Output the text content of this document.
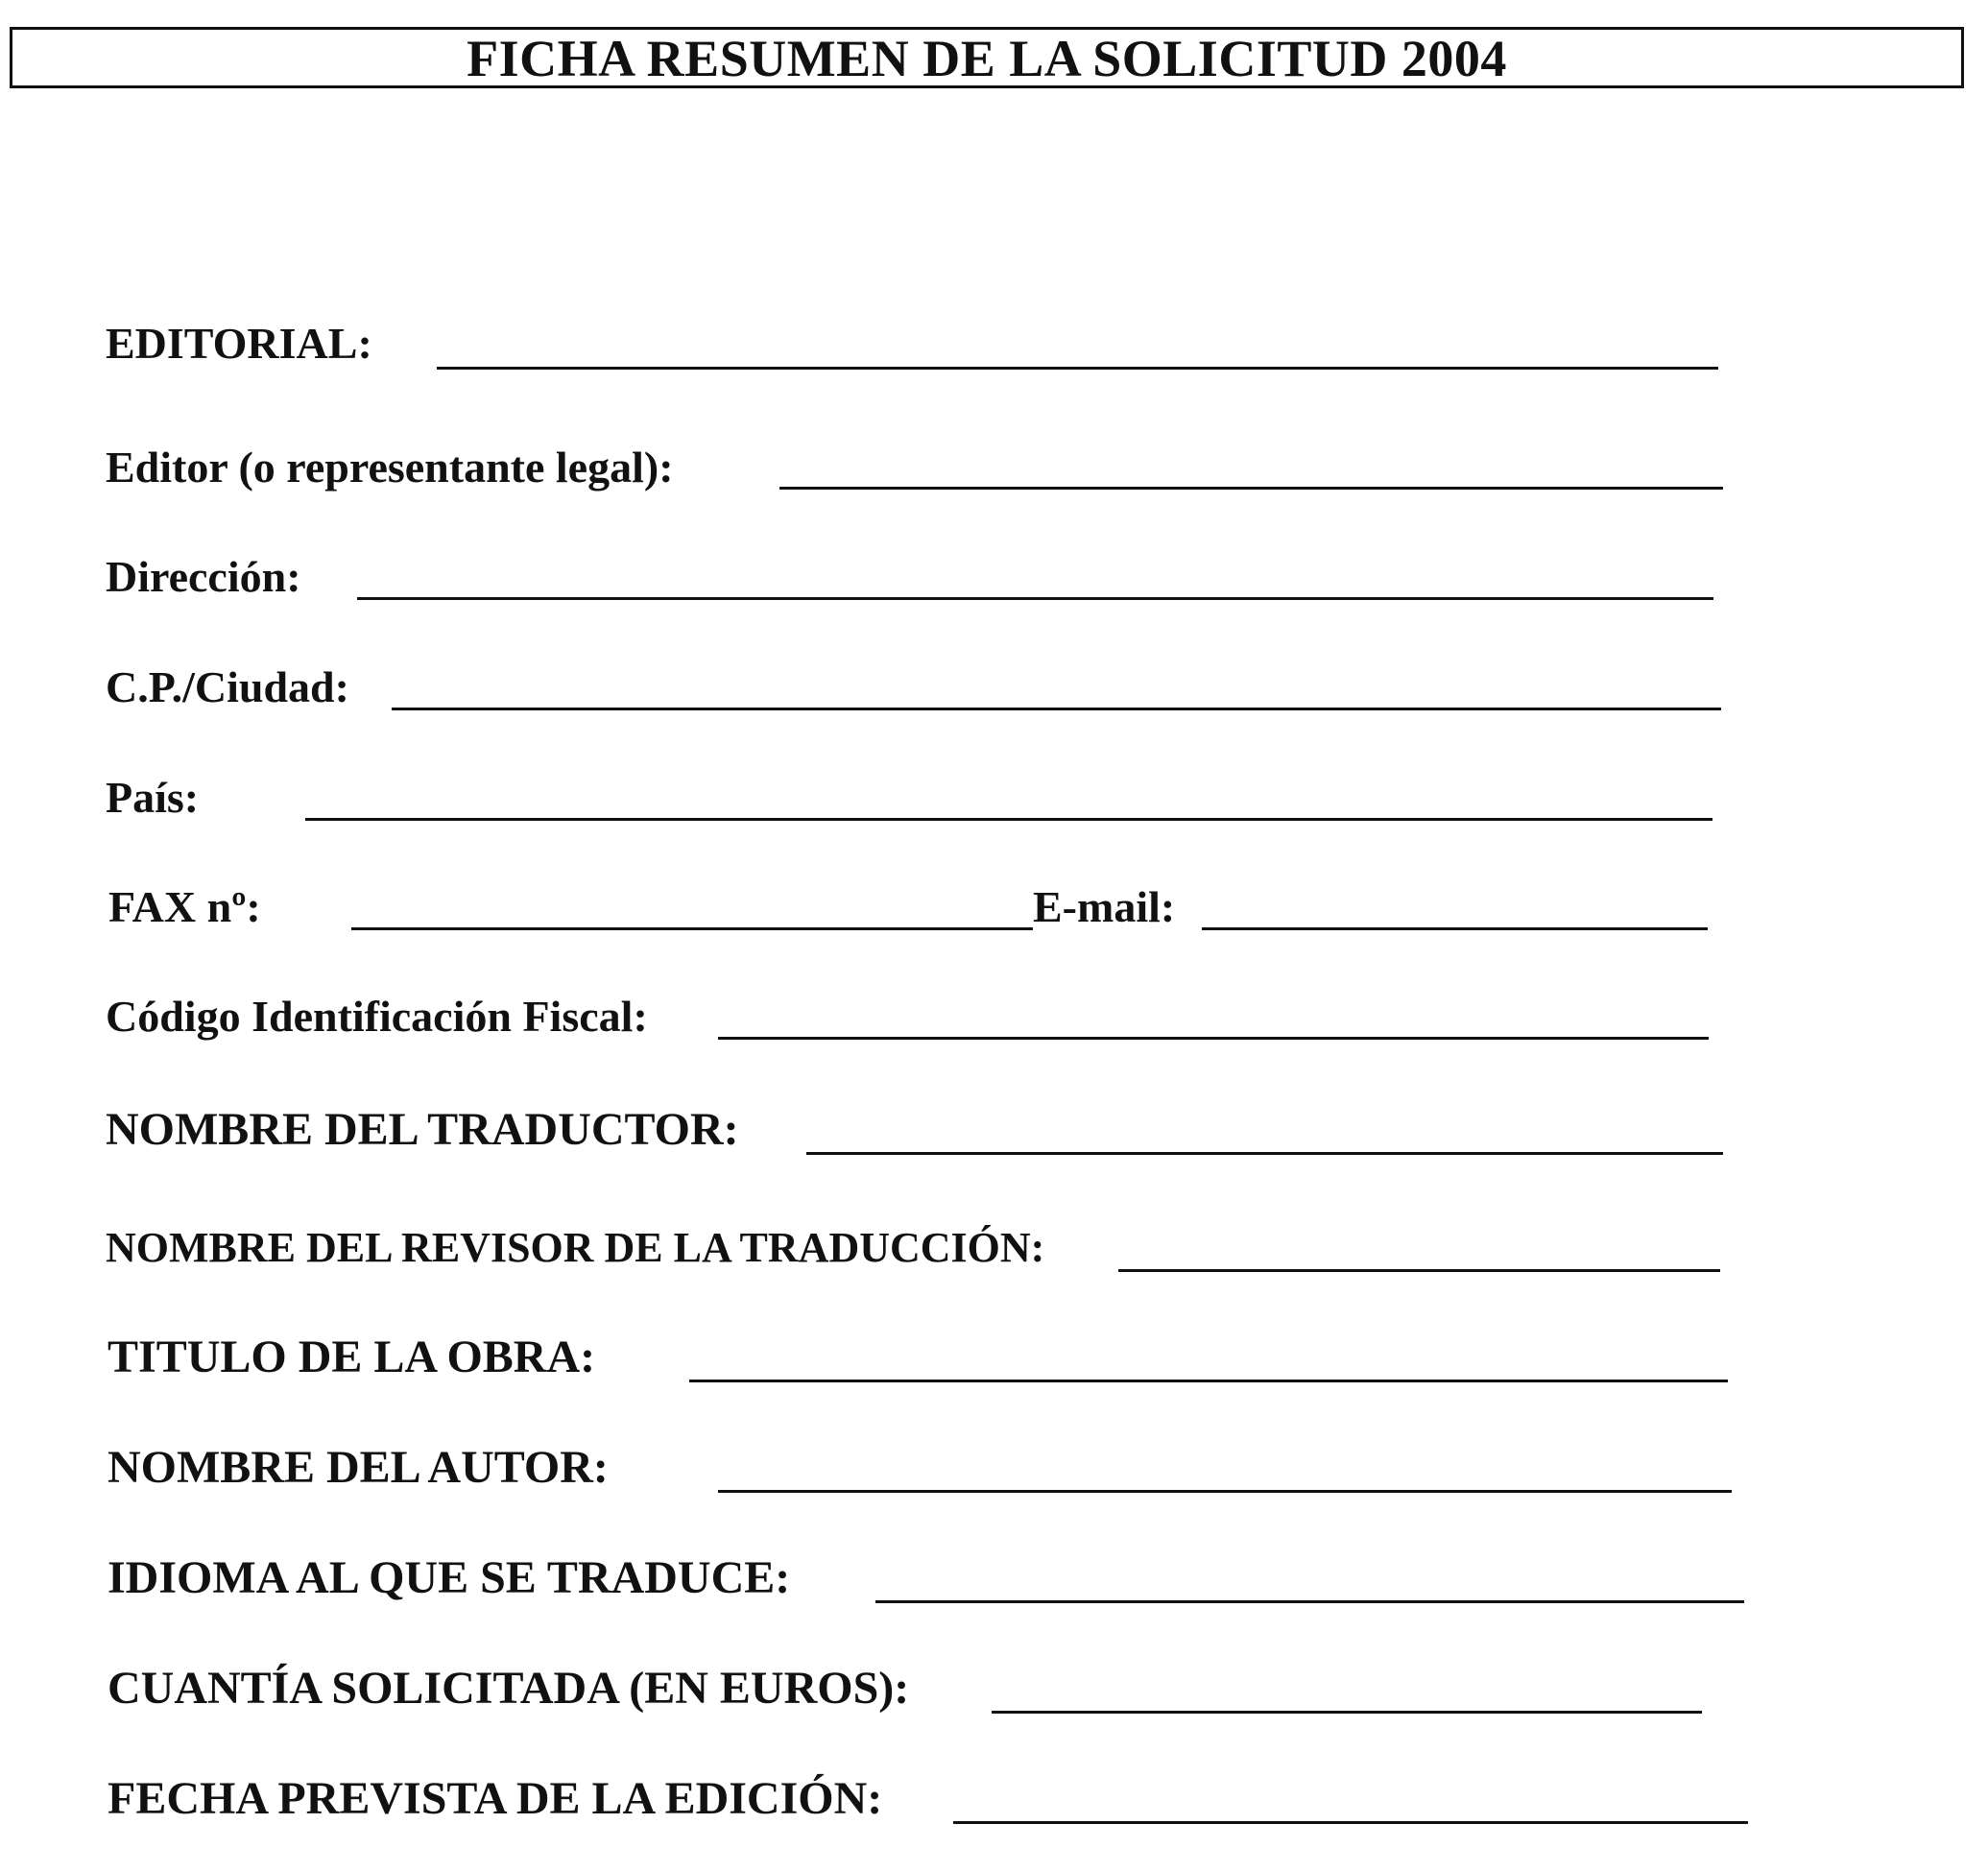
FICHA RESUMEN DE LA SOLICITUD 2004
EDITORIAL:
Editor (o representante legal):
Dirección:
C.P./Ciudad:
País:
FAX nº:	E-mail:
Código Identificación Fiscal:
NOMBRE DEL TRADUCTOR:
NOMBRE DEL REVISOR DE LA TRADUCCIÓN:
TITULO DE LA OBRA:
NOMBRE DEL AUTOR:
IDIOMA AL QUE SE TRADUCE:
CUANTÍA SOLICITADA (EN EUROS):
FECHA PREVISTA DE LA EDICIÓN:
